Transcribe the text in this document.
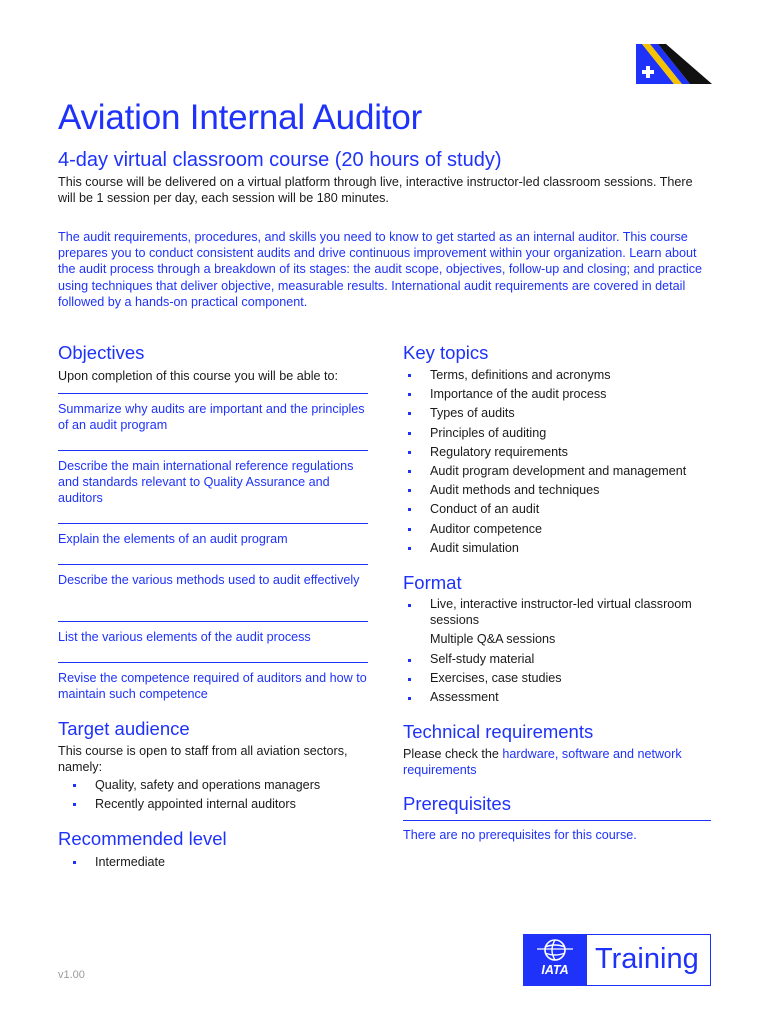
Aviation Internal Auditor
4-day virtual classroom course (20 hours of study)
This course will be delivered on a virtual platform through live, interactive instructor-led classroom sessions. There will be 1 session per day, each session will be 180 minutes.
The audit requirements, procedures, and skills you need to know to get started as an internal auditor. This course prepares you to conduct consistent audits and drive continuous improvement within your organization. Learn about the audit process through a breakdown of its stages: the audit scope, objectives, follow-up and closing; and practice using techniques that deliver objective, measurable results. International audit requirements are covered in detail followed by a hands-on practical component.
Objectives
Upon completion of this course you will be able to:
Summarize why audits are important and the principles of an audit program
Describe the main international reference regulations and standards relevant to Quality Assurance and auditors
Explain the elements of an audit program
Describe the various methods used to audit effectively
List the various elements of the audit process
Revise the competence required of auditors and how to maintain such competence
Target audience
This course is open to staff from all aviation sectors, namely:
Quality, safety and operations managers
Recently appointed internal auditors
Recommended level
Intermediate
Key topics
Terms, definitions and acronyms
Importance of the audit process
Types of audits
Principles of auditing
Regulatory requirements
Audit program development and management
Audit methods and techniques
Conduct of an audit
Auditor competence
Audit simulation
Format
Live, interactive instructor-led virtual classroom sessions
Multiple Q&A sessions
Self-study material
Exercises, case studies
Assessment
Technical requirements
Please check the hardware, software and network requirements
Prerequisites
There are no prerequisites for this course.
v1.00	IATA Training
